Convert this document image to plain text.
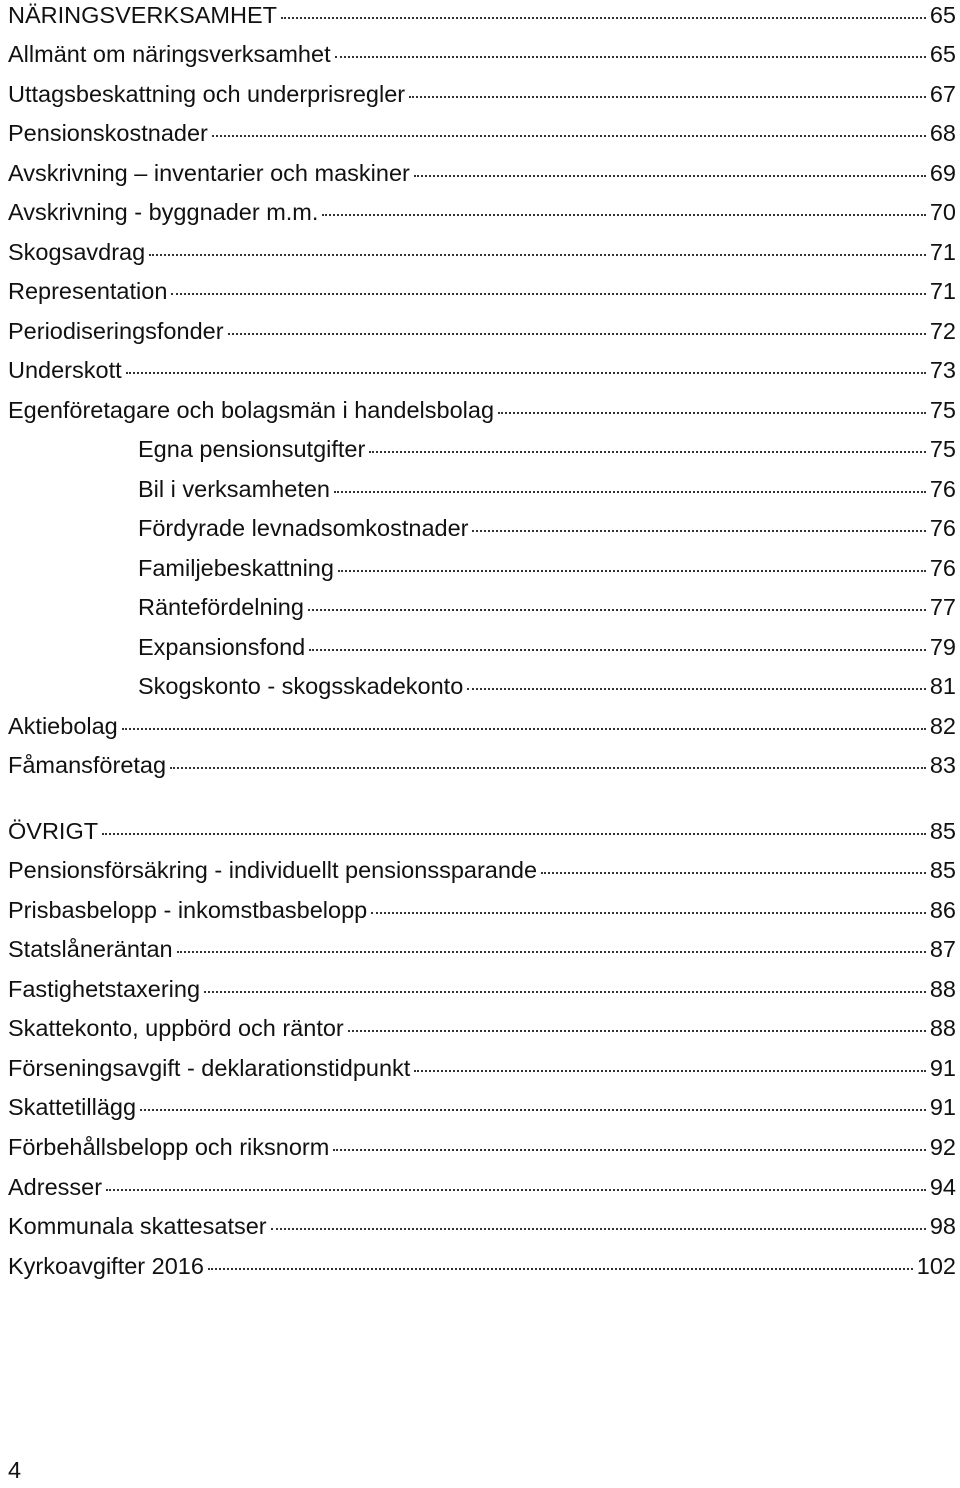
NÄRINGSVERKSAMHET	65
Allmänt om näringsverksamhet	65
Uttagsbeskattning och underprisregler	67
Pensionskostnader	68
Avskrivning – inventarier och maskiner	69
Avskrivning - byggnader m.m.	70
Skogsavdrag	71
Representation	71
Periodiseringsfonder	72
Underskott	73
Egenföretagare och bolagsmän i handelsbolag	75
Egna pensionsutgifter	75
Bil i verksamheten	76
Fördyrade levnadsomkostnader	76
Familjebeskattning	76
Räntefördelning	77
Expansionsfond	79
Skogskonto - skogsskadekonto	81
Aktiebolag	82
Fåmansföretag	83
ÖVRIGT	85
Pensionsförsäkring - individuellt pensionssparande	85
Prisbasbelopp - inkomstbasbelopp	86
Statslåneräntan	87
Fastighetstaxering	88
Skattekonto, uppbörd och räntor	88
Förseningsavgift - deklarationstidpunkt	91
Skattetillägg	91
Förbehållsbelopp och riksnorm	92
Adresser	94
Kommunala skattesatser	98
Kyrkoavgifter 2016	102
4
